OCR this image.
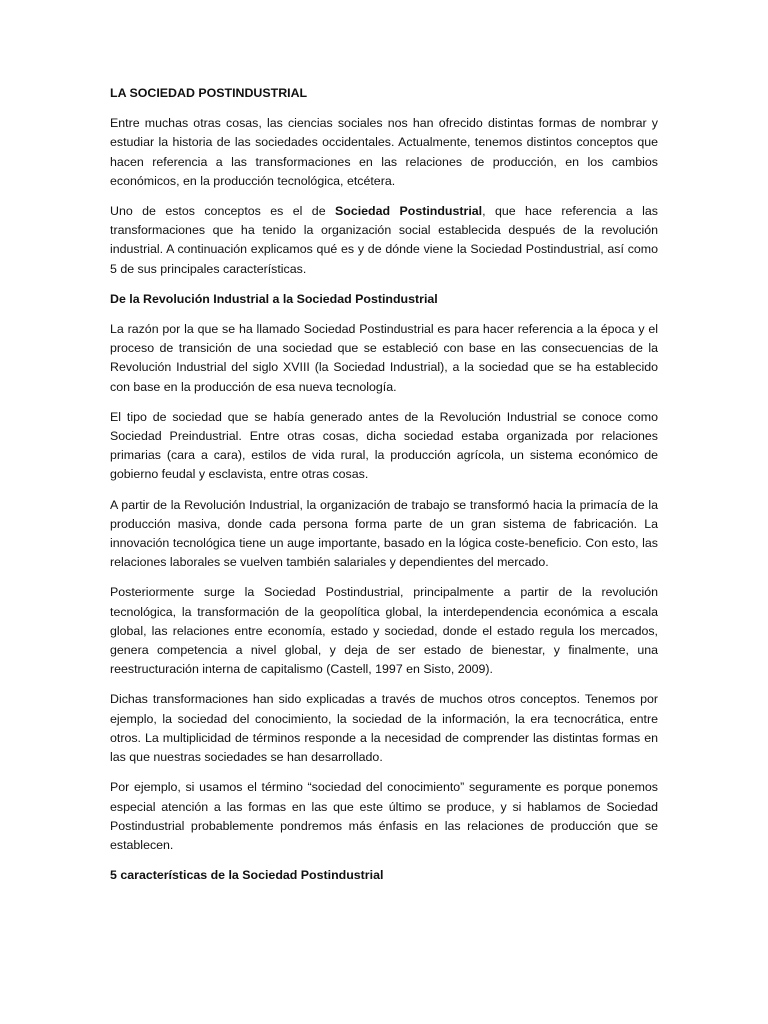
LA SOCIEDAD POSTINDUSTRIAL

Entre muchas otras cosas, las ciencias sociales nos han ofrecido distintas formas de nombrar y estudiar la historia de las sociedades occidentales. Actualmente, tenemos distintos conceptos que hacen referencia a las transformaciones en las relaciones de producción, en los cambios económicos, en la producción tecnológica, etcétera.

Uno de estos conceptos es el de Sociedad Postindustrial, que hace referencia a las transformaciones que ha tenido la organización social establecida después de la revolución industrial. A continuación explicamos qué es y de dónde viene la Sociedad Postindustrial, así como 5 de sus principales características.

De la Revolución Industrial a la Sociedad Postindustrial

La razón por la que se ha llamado Sociedad Postindustrial es para hacer referencia a la época y el proceso de transición de una sociedad que se estableció con base en las consecuencias de la Revolución Industrial del siglo XVIII (la Sociedad Industrial), a la sociedad que se ha establecido con base en la producción de esa nueva tecnología.

El tipo de sociedad que se había generado antes de la Revolución Industrial se conoce como Sociedad Preindustrial. Entre otras cosas, dicha sociedad estaba organizada por relaciones primarias (cara a cara), estilos de vida rural, la producción agrícola, un sistema económico de gobierno feudal y esclavista, entre otras cosas.

A partir de la Revolución Industrial, la organización de trabajo se transformó hacia la primacía de la producción masiva, donde cada persona forma parte de un gran sistema de fabricación. La innovación tecnológica tiene un auge importante, basado en la lógica coste-beneficio. Con esto, las relaciones laborales se vuelven también salariales y dependientes del mercado.

Posteriormente surge la Sociedad Postindustrial, principalmente a partir de la revolución tecnológica, la transformación de la geopolítica global, la interdependencia económica a escala global, las relaciones entre economía, estado y sociedad, donde el estado regula los mercados, genera competencia a nivel global, y deja de ser estado de bienestar, y finalmente, una reestructuración interna de capitalismo (Castell, 1997 en Sisto, 2009).

Dichas transformaciones han sido explicadas a través de muchos otros conceptos. Tenemos por ejemplo, la sociedad del conocimiento, la sociedad de la información, la era tecnocrática, entre otros. La multiplicidad de términos responde a la necesidad de comprender las distintas formas en las que nuestras sociedades se han desarrollado.

Por ejemplo, si usamos el término “sociedad del conocimiento” seguramente es porque ponemos especial atención a las formas en las que este último se produce, y si hablamos de Sociedad Postindustrial probablemente pondremos más énfasis en las relaciones de producción que se establecen.

5 características de la Sociedad Postindustrial
